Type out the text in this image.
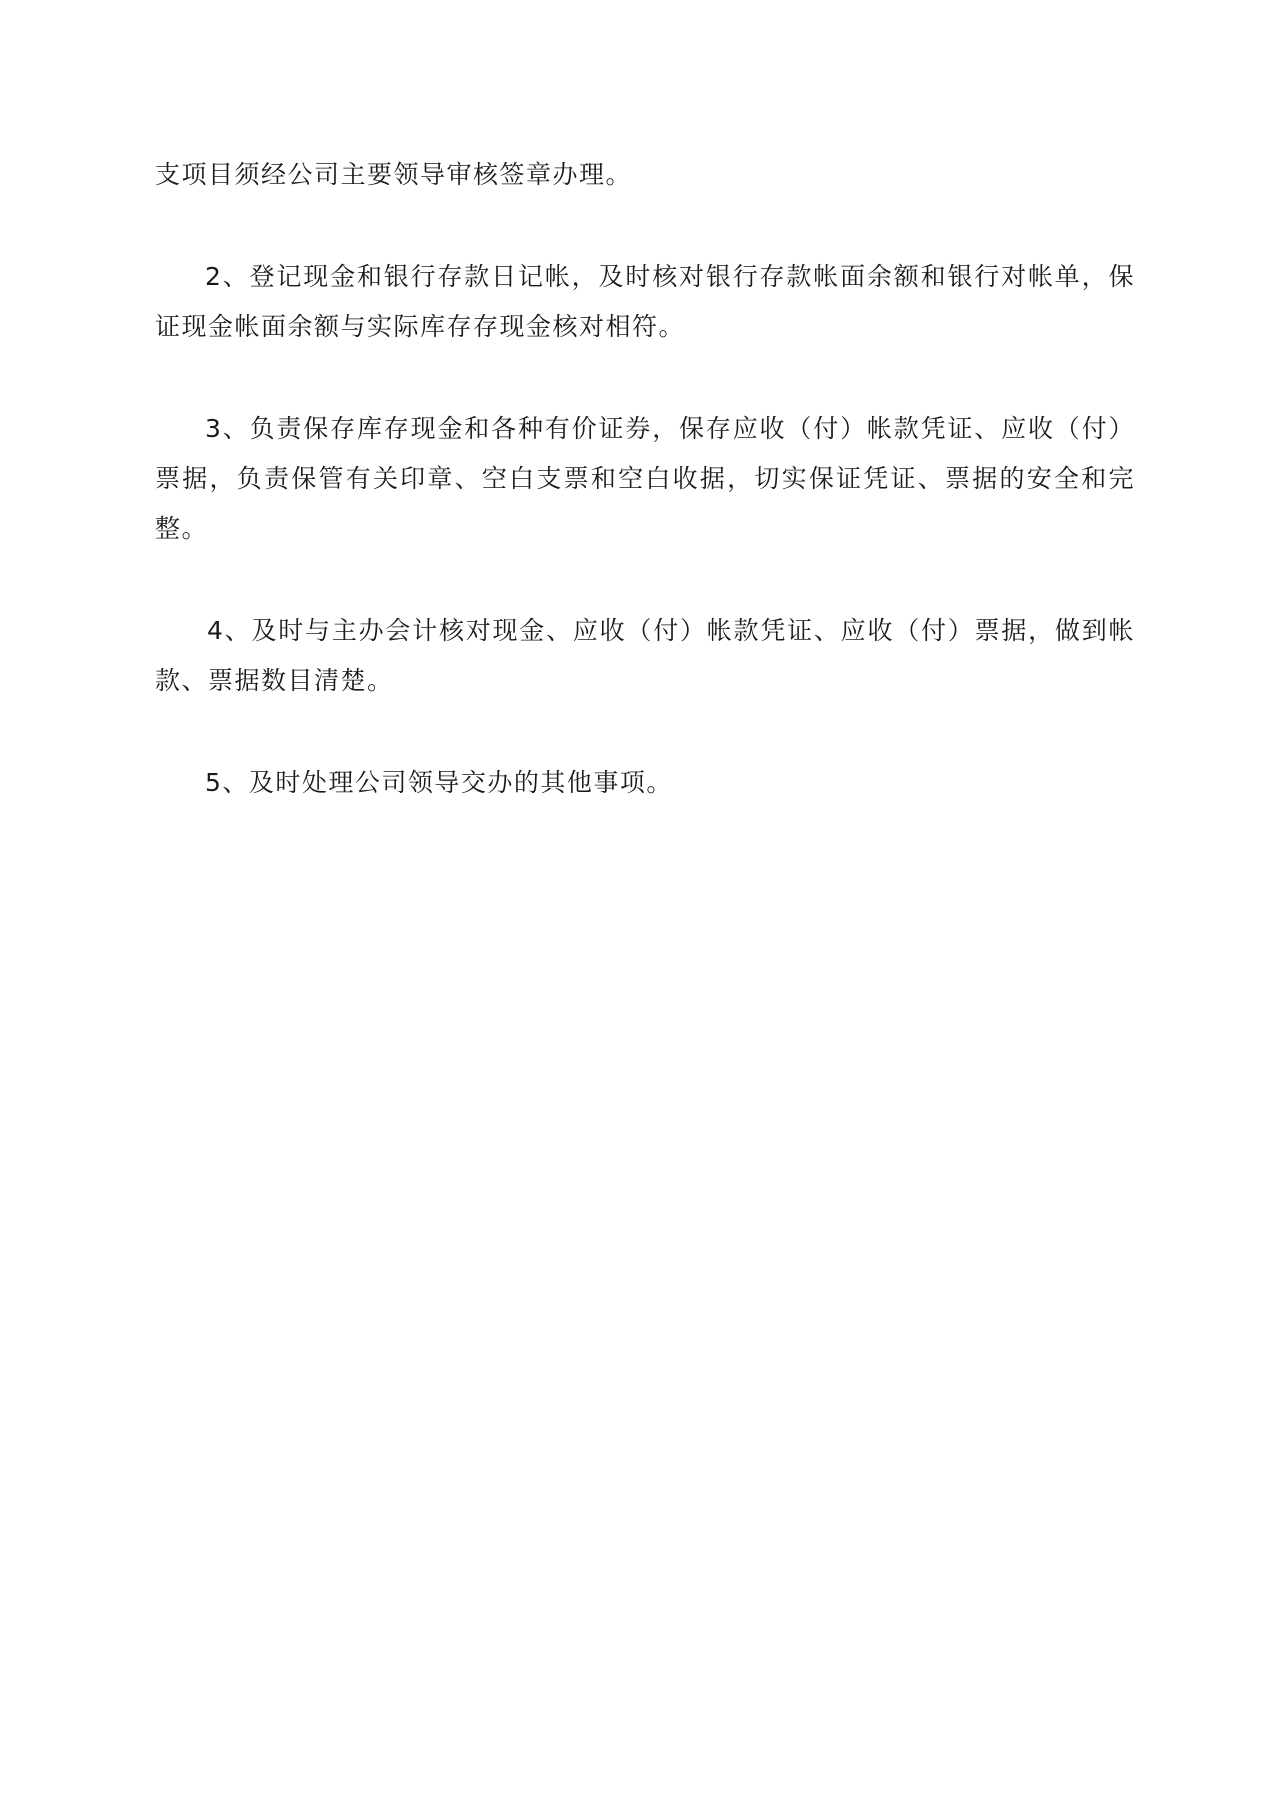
支项目须经公司主要领导审核签章办理。

2、登记现金和银行存款日记帐，及时核对银行存款帐面余额和银行对帐单，保证现金帐面余额与实际库存存现金核对相符。

3、负责保存库存现金和各种有价证券，保存应收（付）帐款凭证、应收（付）票据，负责保管有关印章、空白支票和空白收据，切实保证凭证、票据的安全和完整。

4、及时与主办会计核对现金、应收（付）帐款凭证、应收（付）票据，做到帐款、票据数目清楚。

5、及时处理公司领导交办的其他事项。
